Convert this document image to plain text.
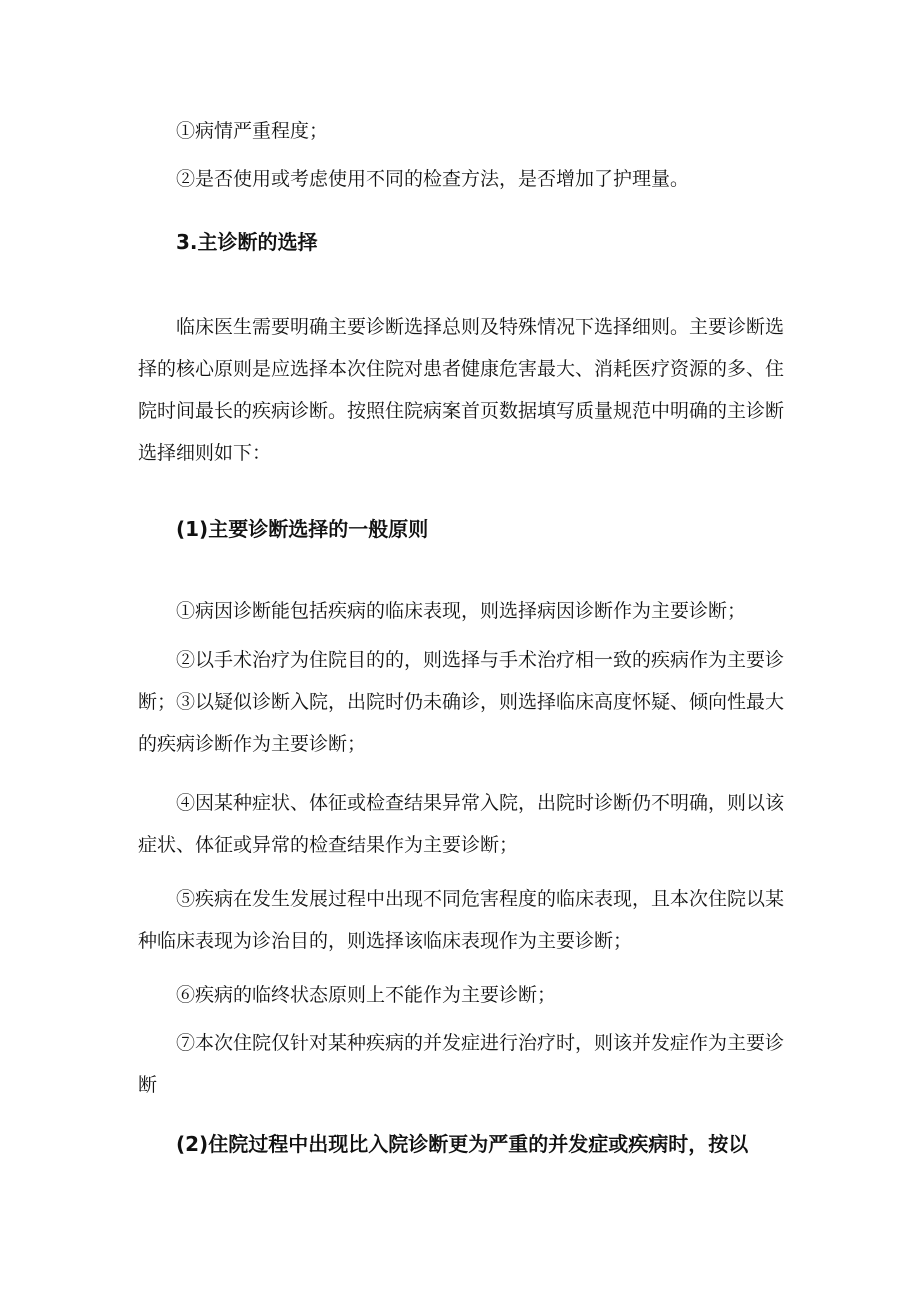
①病情严重程度；

②是否使用或考虑使用不同的检查方法，是否增加了护理量。

3.主诊断的选择

临床医生需要明确主要诊断选择总则及特殊情况下选择细则。主要诊断选择的核心原则是应选择本次住院对患者健康危害最大、消耗医疗资源的多、住院时间最长的疾病诊断。按照住院病案首页数据填写质量规范中明确的主诊断选择细则如下：

(1)主要诊断选择的一般原则

①病因诊断能包括疾病的临床表现，则选择病因诊断作为主要诊断；

②以手术治疗为住院目的的，则选择与手术治疗相一致的疾病作为主要诊断；③以疑似诊断入院，出院时仍未确诊，则选择临床高度怀疑、倾向性最大的疾病诊断作为主要诊断；

④因某种症状、体征或检查结果异常入院，出院时诊断仍不明确，则以该症状、体征或异常的检查结果作为主要诊断；

⑤疾病在发生发展过程中出现不同危害程度的临床表现，且本次住院以某种临床表现为诊治目的，则选择该临床表现作为主要诊断；

⑥疾病的临终状态原则上不能作为主要诊断；

⑦本次住院仅针对某种疾病的并发症进行治疗时，则该并发症作为主要诊断

(2)住院过程中出现比入院诊断更为严重的并发症或疾病时，按以
